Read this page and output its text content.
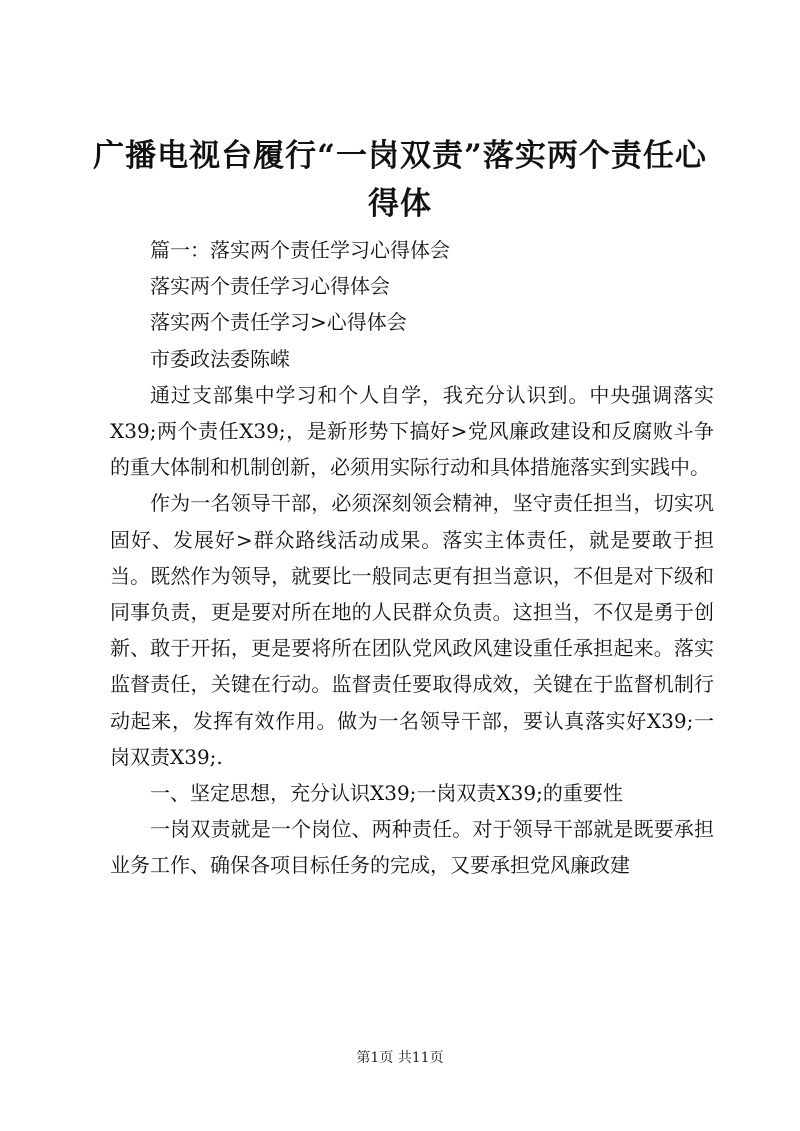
广播电视台履行“一岗双责”落实两个责任心
得体

篇一：落实两个责任学习心得体会

落实两个责任学习心得体会

落实两个责任学习>心得体会

市委政法委陈嵘

通过支部集中学习和个人自学，我充分认识到。中央强调落实X39;两个责任X39;，是新形势下搞好>党风廉政建设和反腐败斗争的重大体制和机制创新，必须用实际行动和具体措施落实到实践中。

作为一名领导干部，必须深刻领会精神，坚守责任担当，切实巩固好、发展好>群众路线活动成果。落实主体责任，就是要敢于担当。既然作为领导，就要比一般同志更有担当意识，不但是对下级和同事负责，更是要对所在地的人民群众负责。这担当，不仅是勇于创新、敢于开拓，更是要将所在团队党风政风建设重任承担起来。落实监督责任，关键在行动。监督责任要取得成效，关键在于监督机制行动起来，发挥有效作用。做为一名领导干部，要认真落实好X39;一岗双责X39;.

一、坚定思想，充分认识X39;一岗双责X39;的重要性

一岗双责就是一个岗位、两种责任。对于领导干部就是既要承担业务工作、确保各项目标任务的完成，又要承担党风廉政建

第1页 共11页
